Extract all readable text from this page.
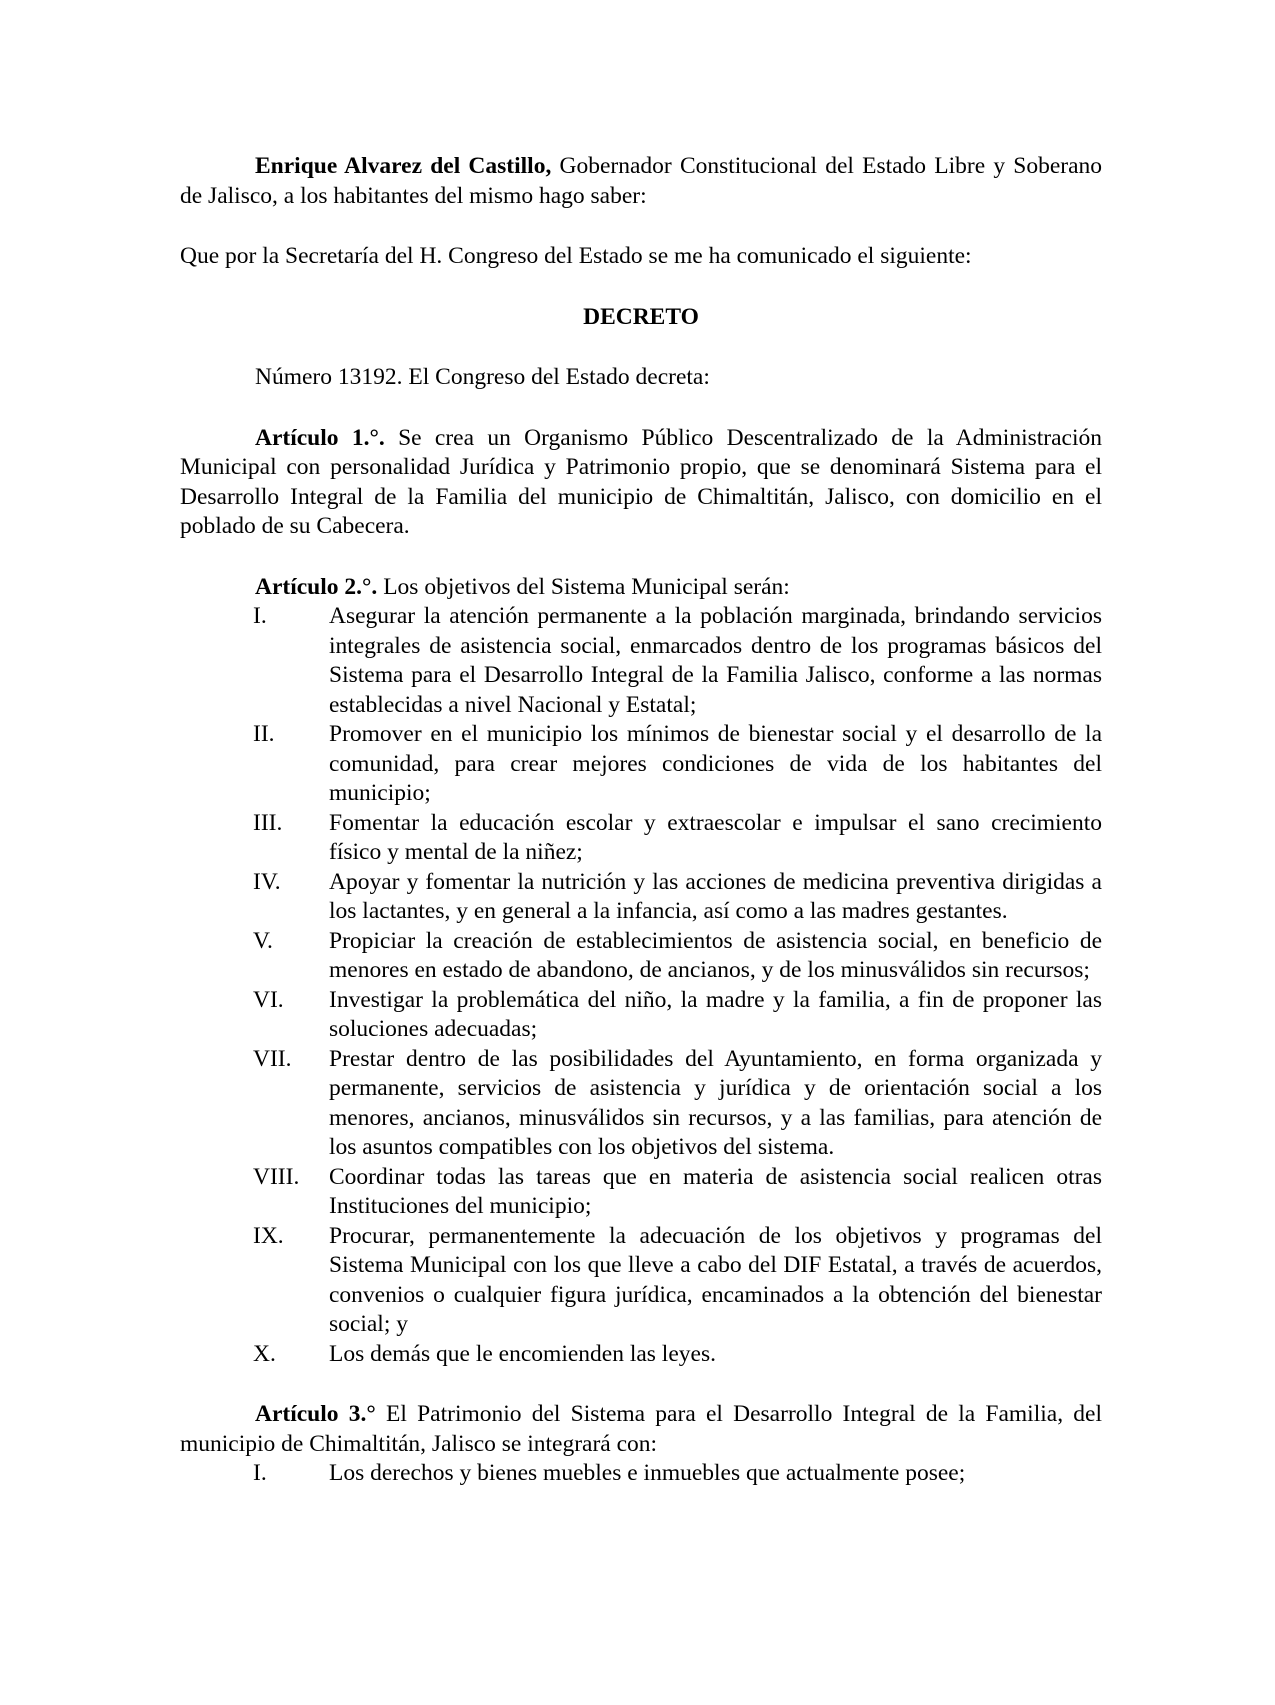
Enrique Alvarez del Castillo, Gobernador Constitucional del Estado Libre y Soberano de Jalisco, a los habitantes del mismo hago saber:

Que por la Secretaría del H. Congreso del Estado se me ha comunicado el siguiente:

DECRETO

Número 13192. El Congreso del Estado decreta:

Artículo 1.°. Se crea un Organismo Público Descentralizado de la Administración Municipal con personalidad Jurídica y Patrimonio propio, que se denominará Sistema para el Desarrollo Integral de la Familia del municipio de Chimaltitán, Jalisco, con domicilio en el poblado de su Cabecera.

Artículo 2.°. Los objetivos del Sistema Municipal serán:

I.	Asegurar la atención permanente a la población marginada, brindando servicios integrales de asistencia social, enmarcados dentro de los programas básicos del Sistema para el Desarrollo Integral de la Familia Jalisco, conforme a las normas establecidas a nivel Nacional y Estatal;
II.	Promover en el municipio los mínimos de bienestar social y el desarrollo de la comunidad, para crear mejores condiciones de vida de los habitantes del municipio;
III.	Fomentar la educación escolar y extraescolar e impulsar el sano crecimiento físico y mental de la niñez;
IV.	Apoyar y fomentar la nutrición y las acciones de medicina preventiva dirigidas a los lactantes, y en general a la infancia, así como a las madres gestantes.
V.	Propiciar la creación de establecimientos de asistencia social, en beneficio de menores en estado de abandono, de ancianos, y de los minusválidos sin recursos;
VI.	Investigar la problemática del niño, la madre y la familia, a fin de proponer las soluciones adecuadas;
VII.	Prestar dentro de las posibilidades del Ayuntamiento, en forma organizada y permanente, servicios de asistencia y jurídica y de orientación social a los menores, ancianos, minusválidos sin recursos, y a las familias, para atención de los asuntos compatibles con los objetivos del sistema.
VIII.	Coordinar todas las tareas que en materia de asistencia social realicen otras Instituciones del municipio;
IX.	Procurar, permanentemente la adecuación de los objetivos y programas del Sistema Municipal con los que lleve a cabo del DIF Estatal, a través de acuerdos, convenios o cualquier figura jurídica, encaminados a la obtención del bienestar social; y
X.	Los demás que le encomienden las leyes.

Artículo 3.° El Patrimonio del Sistema para el Desarrollo Integral de la Familia, del municipio de Chimaltitán, Jalisco se integrará con:

I.	Los derechos y bienes muebles e inmuebles que actualmente posee;
